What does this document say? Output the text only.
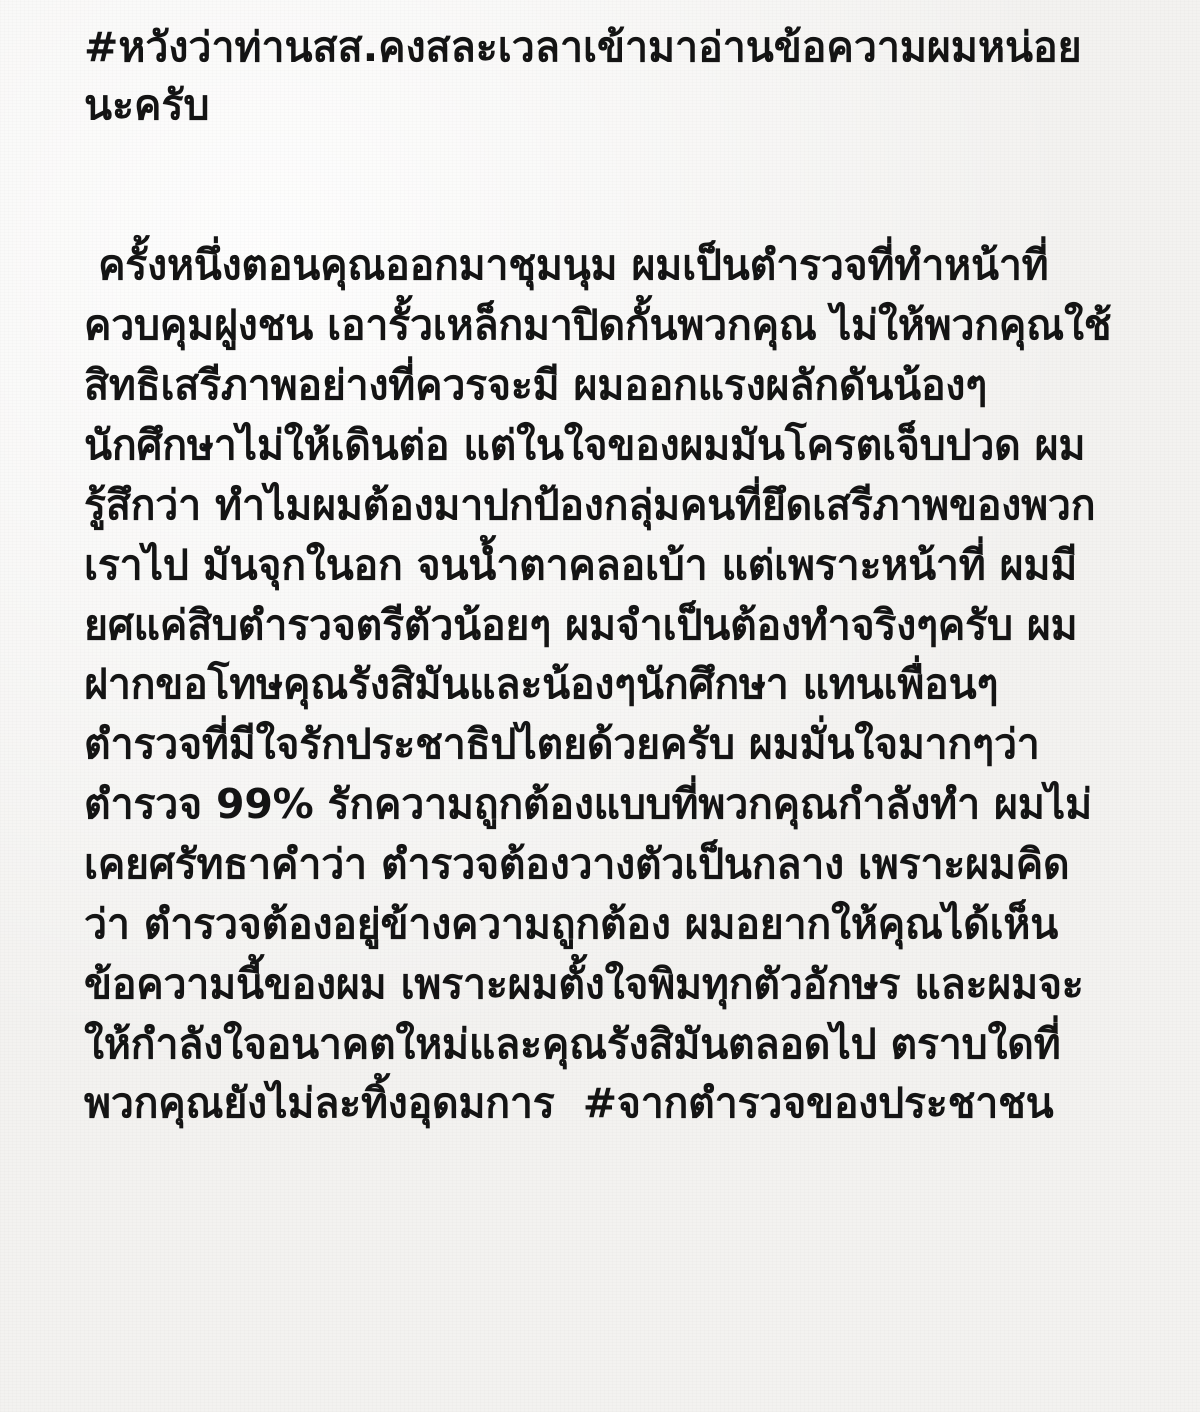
#หวังว่าท่านสส.คงสละเวลาเข้ามาอ่านข้อความผมหน่อยนะครับ
ครั้งหนึ่งตอนคุณออกมาชุมนุม ผมเป็นตำรวจที่ทำหน้าที่ควบคุมฝูงชน เอารั้วเหล็กมาปิดกั้นพวกคุณ ไม่ให้พวกคุณใช้สิทธิเสรีภาพอย่างที่ควรจะมี ผมออกแรงผลักดันน้องๆนักศึกษาไม่ให้เดินต่อ แต่ในใจของผมมันโครตเจ็บปวด ผมรู้สึกว่า ทำไมผมต้องมาปกป้องกลุ่มคนที่ยึดเสรีภาพของพวกเราไป มันจุกในอก จนน้ำตาคลอเบ้า แต่เพราะหน้าที่ ผมมียศแค่สิบตำรวจตรีตัวน้อยๆ ผมจำเป็นต้องทำจริงๆครับ ผมฝากขอโทษคุณรังสิมันและน้องๆนักศึกษา แทนเพื่อนๆตำรวจที่มีใจรักประชาธิปไตยด้วยครับ ผมมั่นใจมากๆว่าตำรวจ 99% รักความถูกต้องแบบที่พวกคุณกำลังทำ ผมไม่เคยศรัทธาคำว่า ตำรวจต้องวางตัวเป็นกลาง เพราะผมคิดว่า ตำรวจต้องอยู่ข้างความถูกต้อง ผมอยากให้คุณได้เห็นข้อความนี้ของผม เพราะผมตั้งใจพิมทุกตัวอักษร และผมจะให้กำลังใจอนาคตใหม่และคุณรังสิมันตลอดไป ตราบใดที่พวกคุณยังไม่ละทิ้งอุดมการ  #จากตำรวจของประชาชน
